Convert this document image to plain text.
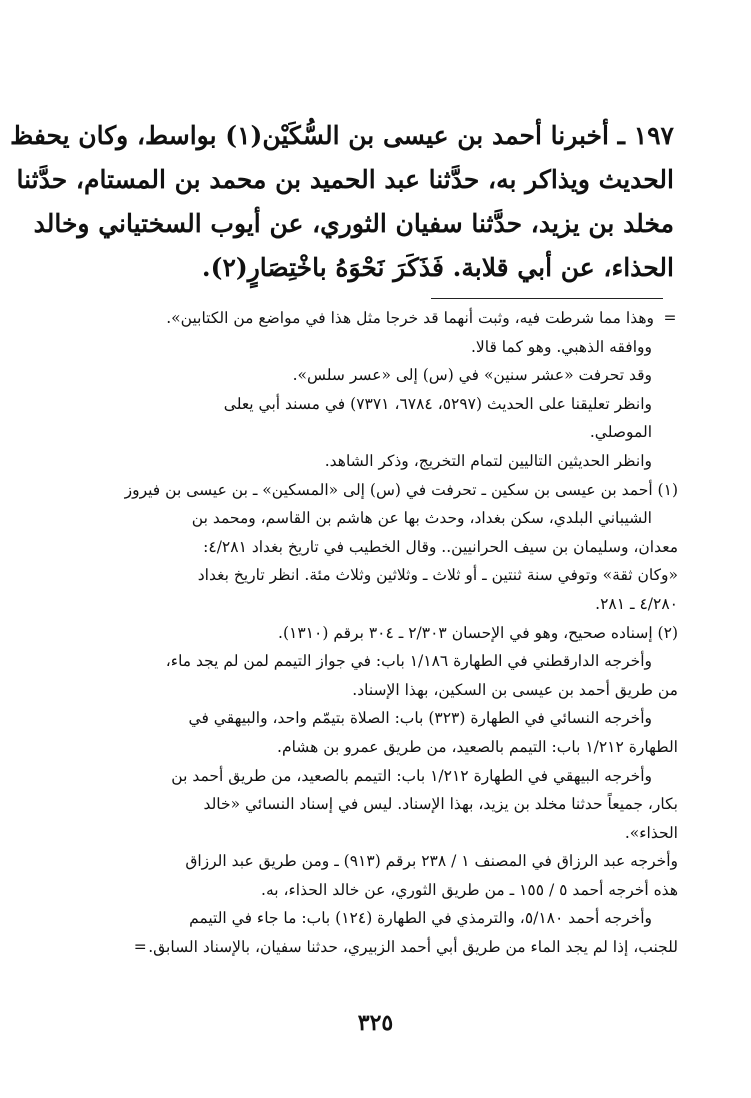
١٩٧ ـ أخبرنا أحمد بن عيسى بن السُّكَيْن(١) بواسط، وكان يحفظ

الحديث ويذاكر به، حدَّثنا عبد الحميد بن محمد بن المستام، حدَّثنا

مخلد بن يزيد، حدَّثنا سفيان الثوري، عن أيوب السختياني وخالد

الحذاء، عن أبي قلابة. فَذَكَرَ نَحْوَهُ باخْتِصَارٍ(٢).

=وهذا مما شرطت فيه، وثبت أنهما قد خرجا مثل هذا في مواضع من الكتابين».

ووافقه الذهبي. وهو كما قالا.

وقد تحرفت «عشر سنين» في (س) إلى «عسر سلس».

وانظر تعليقنا على الحديث (٥٢٩٧، ٦٧٨٤، ٧٣٧١) في مسند أبي يعلى

الموصلي.

وانظر الحديثين التاليين لتمام التخريج، وذكر الشاهد.

(١) أحمد بن عيسى بن سكين ـ تحرفت في (س) إلى «المسكين» ـ بن عيسى بن فيروز

الشيباني البلدي، سكن بغداد، وحدث بها عن هاشم بن القاسم، ومحمد بن

معدان، وسليمان بن سيف الحرانيين.. وقال الخطيب في تاريخ بغداد ٤/٢٨١:

«وكان ثقة» وتوفي سنة ثنتين ـ أو ثلاث ـ وثلاثين وثلاث مئة. انظر تاريخ بغداد

٤/٢٨٠ ـ ٢٨١.

(٢) إسناده صحيح، وهو في الإحسان ٢/٣٠٣ ـ ٣٠٤ برقم (١٣١٠).

وأخرجه الدارقطني في الطهارة ١/١٨٦ باب: في جواز التيمم لمن لم يجد ماء،

من طريق أحمد بن عيسى بن السكين، بهذا الإسناد.

وأخرجه النسائي في الطهارة (٣٢٣) باب: الصلاة بتيمّم واحد، والبيهقي في

الطهارة ١/٢١٢ باب: التيمم بالصعيد، من طريق عمرو بن هشام.

وأخرجه البيهقي في الطهارة ١/٢١٢ باب: التيمم بالصعيد، من طريق أحمد بن

بكار، جميعاً حدثنا مخلد بن يزيد، بهذا الإسناد. ليس في إسناد النسائي «خالد

الحذاء».

وأخرجه عبد الرزاق في المصنف ١ / ٢٣٨ برقم (٩١٣) ـ ومن طريق عبد الرزاق

هذه أخرجه أحمد ٥ / ١٥٥ ـ من طريق الثوري، عن خالد الحذاء، به.

وأخرجه أحمد ٥/١٨٠، والترمذي في الطهارة (١٢٤) باب: ما جاء في التيمم

للجنب، إذا لم يجد الماء من طريق أبي أحمد الزبيري، حدثنا سفيان، بالإسناد السابق.=

٣٢٥
